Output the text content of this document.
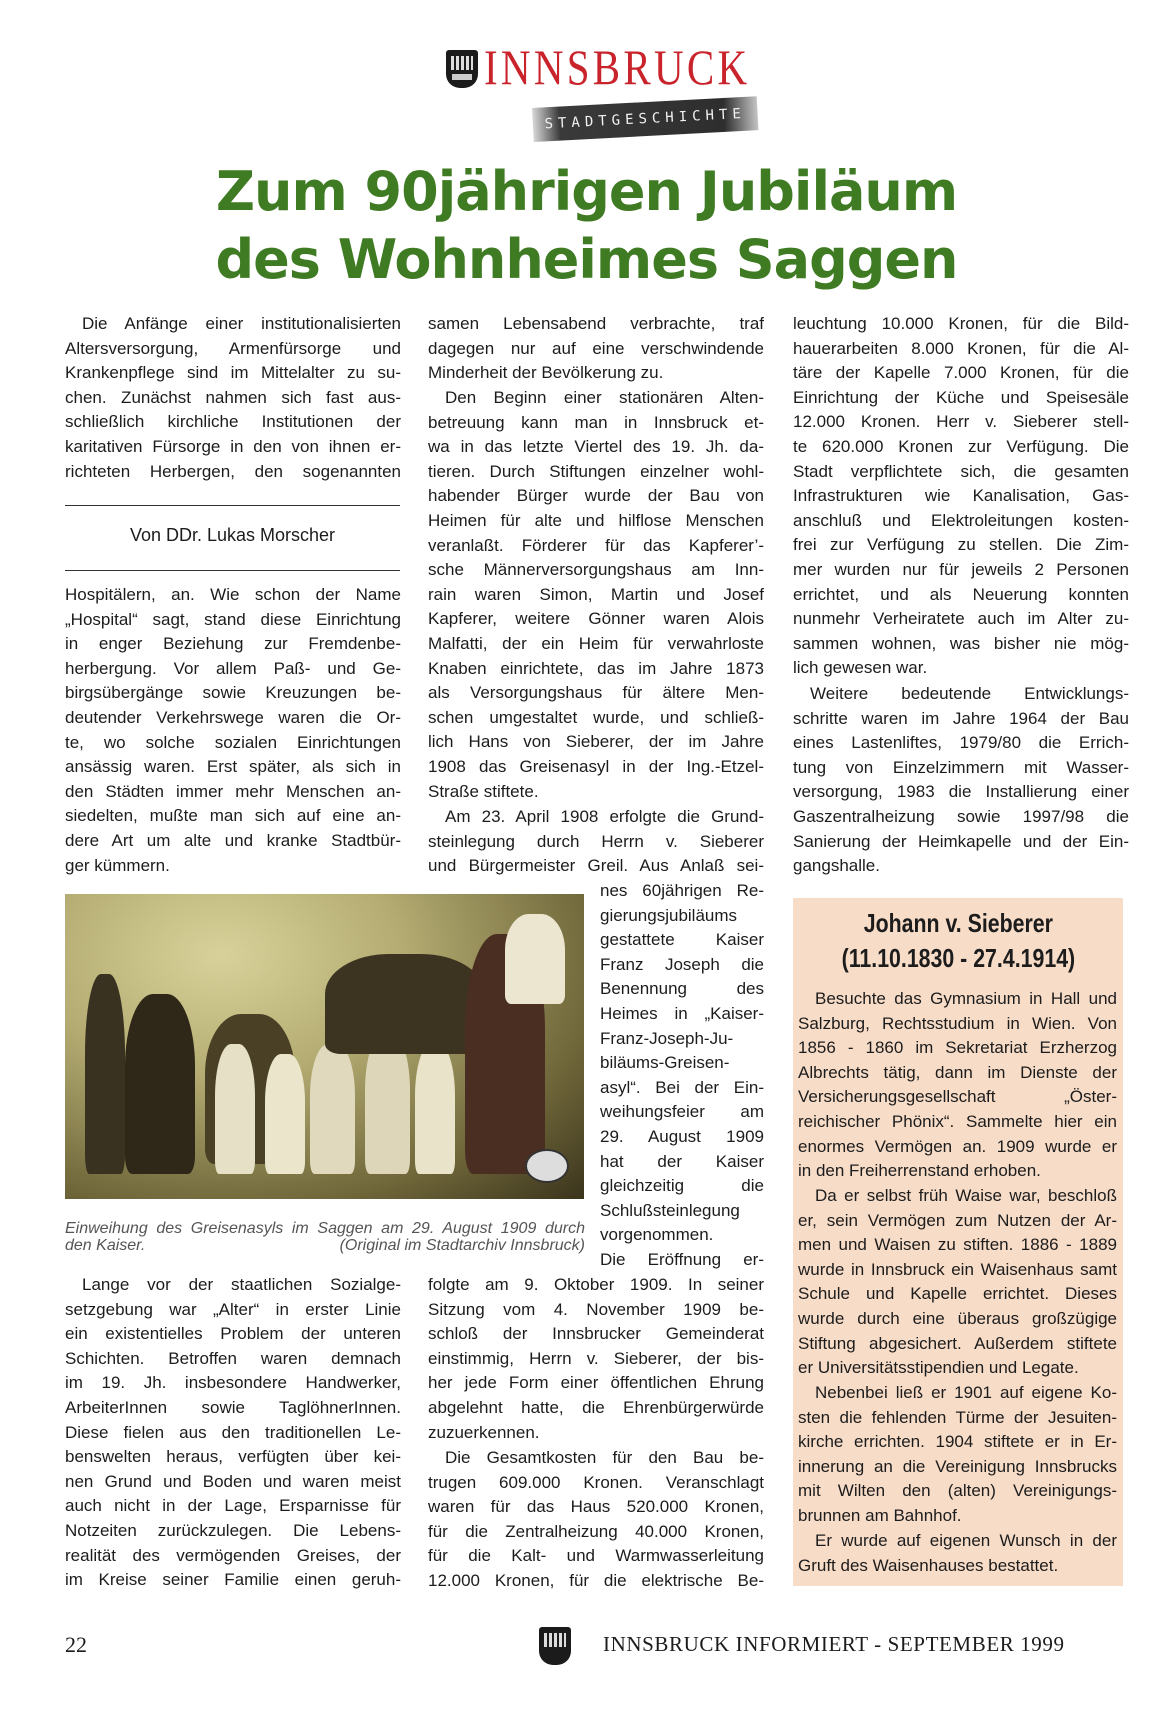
INNSBRUCK
STADTGESCHICHTE
Zum 90jährigen Jubiläum
des Wohnheimes Saggen
Die Anfänge einer institutionalisierten
Altersversorgung, Armenfürsorge und
Krankenpflege sind im Mittelalter zu su-
chen. Zunächst nahmen sich fast aus-
schließlich kirchliche Institutionen der
karitativen Fürsorge in den von ihnen er-
richteten Herbergen, den sogenannten
Von DDr. Lukas Morscher
Hospitälern, an. Wie schon der Name
„Hospital“ sagt, stand diese Einrichtung
in enger Beziehung zur Fremdenbe-
herbergung. Vor allem Paß- und Ge-
birgsübergänge sowie Kreuzungen be-
deutender Verkehrswege waren die Or-
te, wo solche sozialen Einrichtungen
ansässig waren. Erst später, als sich in
den Städten immer mehr Menschen an-
siedelten, mußte man sich auf eine an-
dere Art um alte und kranke Stadtbür-
ger kümmern.
Einweihung des Greisenasyls im Saggen am 29. August 1909 durch
den Kaiser.	(Original im Stadtarchiv Innsbruck)
Lange vor der staatlichen Sozialge-
setzgebung war „Alter“ in erster Linie
ein existentielles Problem der unteren
Schichten. Betroffen waren demnach
im 19. Jh. insbesondere Handwerker,
ArbeiterInnen sowie TaglöhnerInnen.
Diese fielen aus den traditionellen Le-
benswelten heraus, verfügten über kei-
nen Grund und Boden und waren meist
auch nicht in der Lage, Ersparnisse für
Notzeiten zurückzulegen. Die Lebens-
realität des vermögenden Greises, der
im Kreise seiner Familie einen geruh-
samen Lebensabend verbrachte, traf
dagegen nur auf eine verschwindende
Minderheit der Bevölkerung zu.
Den Beginn einer stationären Alten-
betreuung kann man in Innsbruck et-
wa in das letzte Viertel des 19. Jh. da-
tieren. Durch Stiftungen einzelner wohl-
habender Bürger wurde der Bau von
Heimen für alte und hilflose Menschen
veranlaßt. Förderer für das Kapferer’-
sche Männerversorgungshaus am Inn-
rain waren Simon, Martin und Josef
Kapferer, weitere Gönner waren Alois
Malfatti, der ein Heim für verwahrloste
Knaben einrichtete, das im Jahre 1873
als Versorgungshaus für ältere Men-
schen umgestaltet wurde, und schließ-
lich Hans von Sieberer, der im Jahre
1908 das Greisenasyl in der Ing.-Etzel-
Straße stiftete.
Am 23. April 1908 erfolgte die Grund-
steinlegung durch Herrn v. Sieberer
und Bürgermeister Greil. Aus Anlaß sei-
nes 60jährigen Re-
gierungsjubiläums
gestattete Kaiser
Franz Joseph die
Benennung des
Heimes in „Kaiser-
Franz-Joseph-Ju-
biläums-Greisen-
asyl“. Bei der Ein-
weihungsfeier am
29. August 1909
hat der Kaiser
gleichzeitig die
Schlußsteinlegung
vorgenommen.
Die Eröffnung er-
folgte am 9. Oktober 1909. In seiner
Sitzung vom 4. November 1909 be-
schloß der Innsbrucker Gemeinderat
einstimmig, Herrn v. Sieberer, der bis-
her jede Form einer öffentlichen Ehrung
abgelehnt hatte, die Ehrenbürgerwürde
zuzuerkennen.
Die Gesamtkosten für den Bau be-
trugen 609.000 Kronen. Veranschlagt
waren für das Haus 520.000 Kronen,
für die Zentralheizung 40.000 Kronen,
für die Kalt- und Warmwasserleitung
12.000 Kronen, für die elektrische Be-
leuchtung 10.000 Kronen, für die Bild-
hauerarbeiten 8.000 Kronen, für die Al-
täre der Kapelle 7.000 Kronen, für die
Einrichtung der Küche und Speisesäle
12.000 Kronen. Herr v. Sieberer stell-
te 620.000 Kronen zur Verfügung. Die
Stadt verpflichtete sich, die gesamten
Infrastrukturen wie Kanalisation, Gas-
anschluß und Elektroleitungen kosten-
frei zur Verfügung zu stellen. Die Zim-
mer wurden nur für jeweils 2 Personen
errichtet, und als Neuerung konnten
nunmehr Verheiratete auch im Alter zu-
sammen wohnen, was bisher nie mög-
lich gewesen war.
Weitere bedeutende Entwicklungs-
schritte waren im Jahre 1964 der Bau
eines Lastenliftes, 1979/80 die Errich-
tung von Einzelzimmern mit Wasser-
versorgung, 1983 die Installierung einer
Gaszentralheizung sowie 1997/98 die
Sanierung der Heimkapelle und der Ein-
gangshalle.
Johann v. Sieberer
(11.10.1830 - 27.4.1914)
Besuchte das Gymnasium in Hall und
Salzburg, Rechtsstudium in Wien. Von
1856 - 1860 im Sekretariat Erzherzog
Albrechts tätig, dann im Dienste der
Versicherungsgesellschaft „Öster-
reichischer Phönix“. Sammelte hier ein
enormes Vermögen an. 1909 wurde er
in den Freiherrenstand erhoben.
Da er selbst früh Waise war, beschloß
er, sein Vermögen zum Nutzen der Ar-
men und Waisen zu stiften. 1886 - 1889
wurde in Innsbruck ein Waisenhaus samt
Schule und Kapelle errichtet. Dieses
wurde durch eine überaus großzügige
Stiftung abgesichert. Außerdem stiftete
er Universitätsstipendien und Legate.
Nebenbei ließ er 1901 auf eigene Ko-
sten die fehlenden Türme der Jesuiten-
kirche errichten. 1904 stiftete er in Er-
innerung an die Vereinigung Innsbrucks
mit Wilten den (alten) Vereinigungs-
brunnen am Bahnhof.
Er wurde auf eigenen Wunsch in der
Gruft des Waisenhauses bestattet.
22	INNSBRUCK INFORMIERT - SEPTEMBER 1999
